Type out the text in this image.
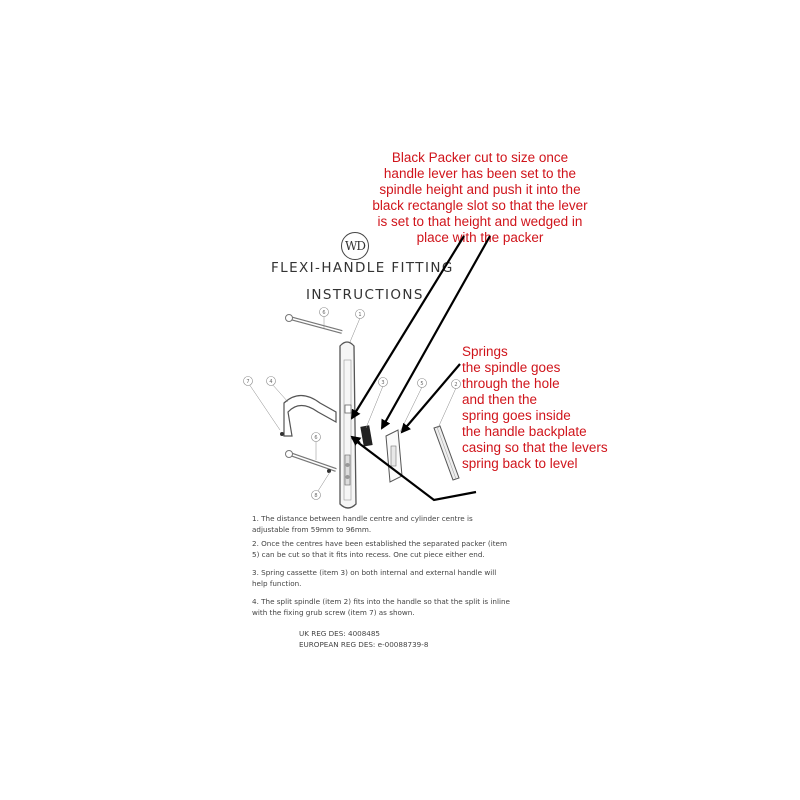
Black Packer cut to size once
handle lever has been set to the
spindle height and push it into the
black rectangle slot so that the lever
is set to that height and wedged in
place with the packer
Springs
the spindle goes
through the hole
and then the
spring goes inside
the handle backplate
casing so that the levers
spring back to level
WD
FLEXI-HANDLE FITTING
INSTRUCTIONS
6	1
7	4	3	5	2
6
8
1. The distance between handle centre and cylinder centre is adjustable from 59mm to 96mm.
2. Once the centres have been established the separated packer (item 5) can be cut so that it fits into recess. One cut piece either end.
3. Spring cassette (item 3) on both internal and external handle will help function.
4. The split spindle (item 2) fits into the handle so that the split is inline with the fixing grub screw (item 7) as shown.
UK REG DES: 4008485
EUROPEAN REG DES: e-00088739-8
